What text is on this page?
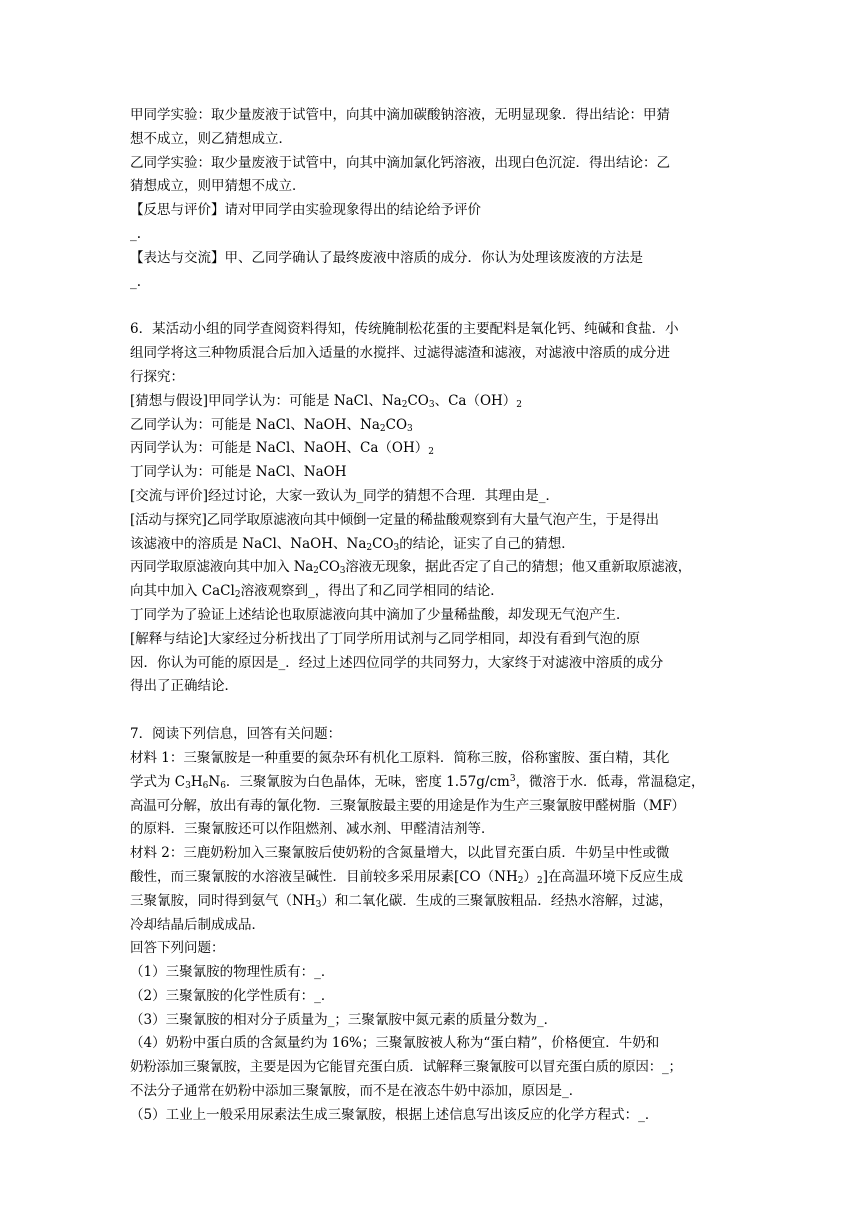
甲同学实验：取少量废液于试管中，向其中滴加碳酸钠溶液，无明显现象．得出结论：甲猜

想不成立，则乙猜想成立．

乙同学实验：取少量废液于试管中，向其中滴加氯化钙溶液，出现白色沉淀．得出结论：乙

猜想成立，则甲猜想不成立．

【反思与评价】请对甲同学由实验现象得出的结论给予评价

_.

【表达与交流】甲、乙同学确认了最终废液中溶质的成分．你认为处理该废液的方法是

_.

6．某活动小组的同学查阅资料得知，传统腌制松花蛋的主要配料是氧化钙、纯碱和食盐．小

组同学将这三种物质混合后加入适量的水搅拌、过滤得滤渣和滤液，对滤液中溶质的成分进

行探究：

[猜想与假设]甲同学认为：可能是 NaCl、$Na_2CO_3$、$Ca(OH)_2$

乙同学认为：可能是 NaCl、NaOH、$Na_2CO_3$

丙同学认为：可能是 NaCl、NaOH、$Ca(OH)_2$

丁同学认为：可能是 NaCl、NaOH

[交流与评价]经过讨论，大家一致认为_同学的猜想不合理．其理由是_．

[活动与探究]乙同学取原滤液向其中倾倒一定量的稀盐酸观察到有大量气泡产生，于是得出

该滤液中的溶质是 NaCl、NaOH、$Na_2CO_3$的结论，证实了自己的猜想．

丙同学取原滤液向其中加入 $Na_2CO_3$溶液无现象，据此否定了自己的猜想；他又重新取原滤液，

向其中加入 CaCl$_2$溶液观察到_，得出了和乙同学相同的结论．

丁同学为了验证上述结论也取原滤液向其中滴加了少量稀盐酸，却发现无气泡产生．

[解释与结论]大家经过分析找出了丁同学所用试剂与乙同学相同，却没有看到气泡的原

因．你认为可能的原因是_．经过上述四位同学的共同努力，大家终于对滤液中溶质的成分

得出了正确结论．

7．阅读下列信息，回答有关问题：

材料 1：三聚氰胺是一种重要的氮杂环有机化工原料．简称三胺，俗称蜜胺、蛋白精，其化

学式为 $C_3H_6N_6$．三聚氰胺为白色晶体，无味，密度 $1.57g/cm^3$，微溶于水．低毒，常温稳定，

高温可分解，放出有毒的氰化物．三聚氰胺最主要的用途是作为生产三聚氰胺甲醛树脂（MF）

的原料．三聚氰胺还可以作阻燃剂、减水剂、甲醛清洁剂等．

材料 2：三鹿奶粉加入三聚氰胺后使奶粉的含氮量增大，以此冒充蛋白质．牛奶呈中性或微

酸性，而三聚氰胺的水溶液呈碱性．目前较多采用尿素$[CO(NH_2)_2]$在高温环境下反应生成

三聚氰胺，同时得到氨气$(NH_3)$和二氧化碳．生成的三聚氰胺粗品．经热水溶解，过滤，

冷却结晶后制成成品．

回答下列问题：

（1）三聚氰胺的物理性质有：_．

（2）三聚氰胺的化学性质有：_．

（3）三聚氰胺的相对分子质量为_；三聚氰胺中氮元素的质量分数为_．

（4）奶粉中蛋白质的含氮量约为 16%；三聚氰胺被人称为“蛋白精”，价格便宜．牛奶和

奶粉添加三聚氰胺，主要是因为它能冒充蛋白质．试解释三聚氰胺可以冒充蛋白质的原因：_；

不法分子通常在奶粉中添加三聚氰胺，而不是在液态牛奶中添加，原因是_．

（5）工业上一般采用尿素法生成三聚氰胺，根据上述信息写出该反应的化学方程式：_．
